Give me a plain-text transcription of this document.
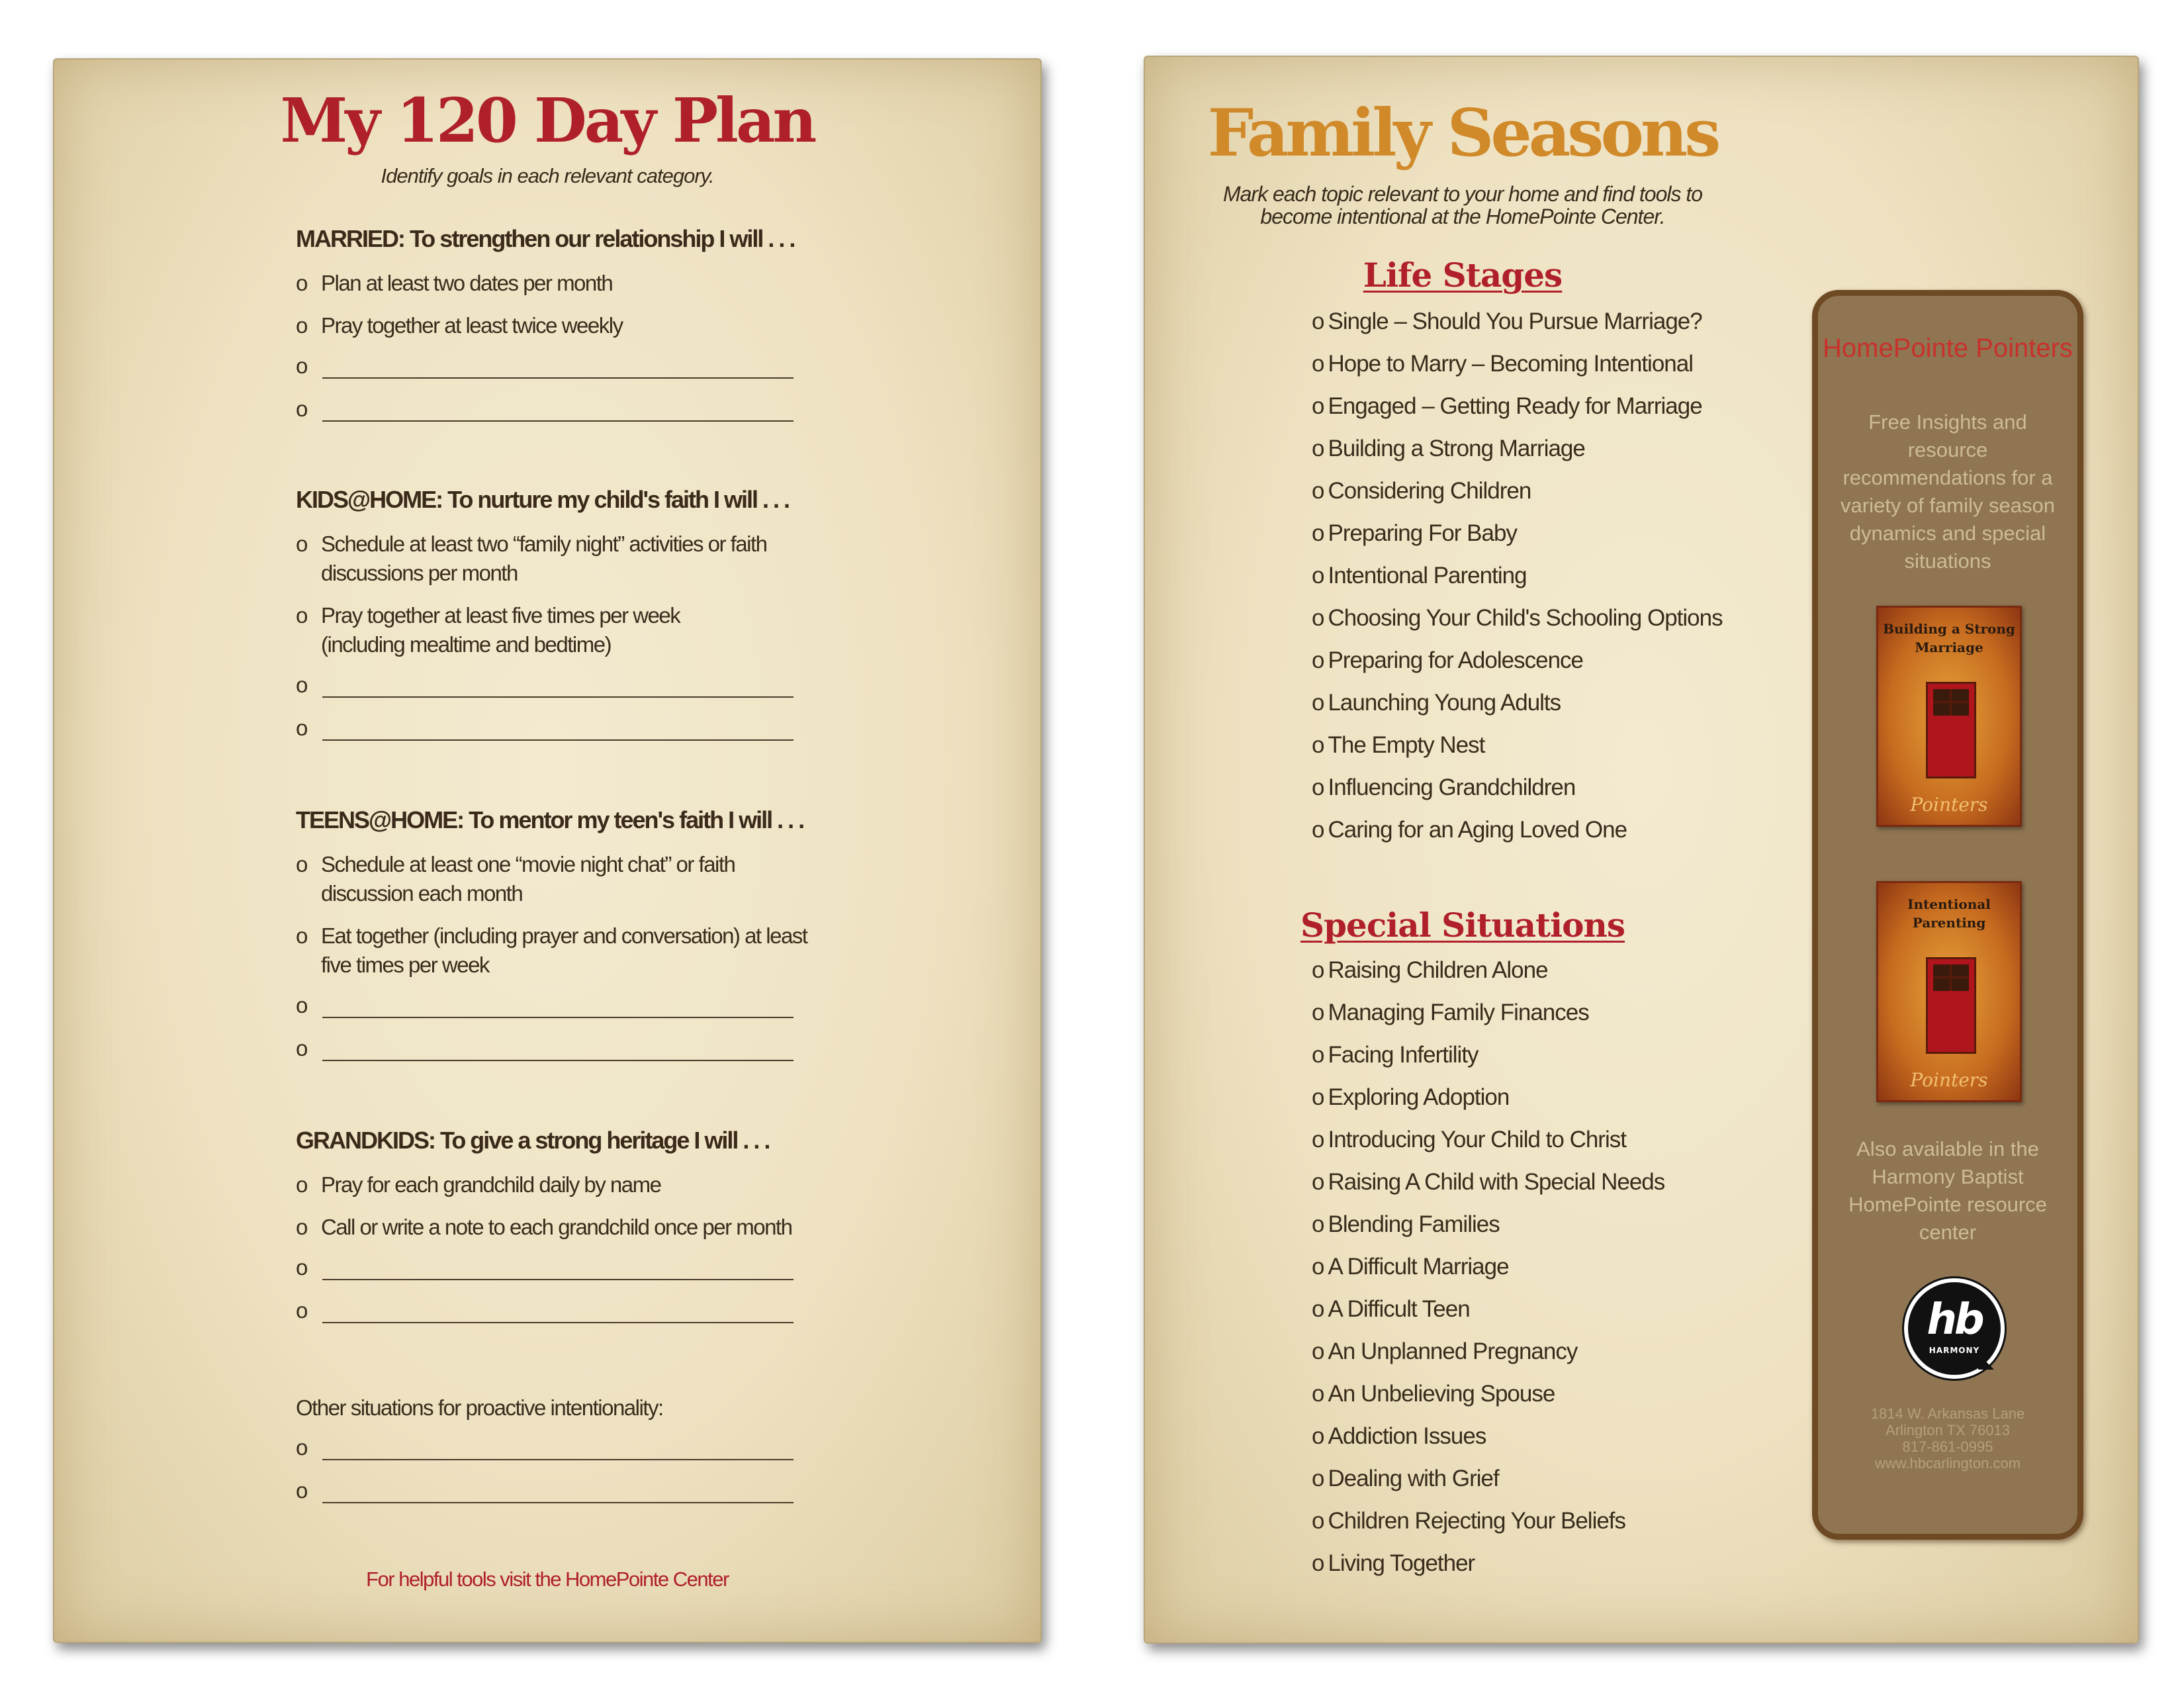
My 120 Day Plan
Identify goals in each relevant category.
MARRIED: To strengthen our relationship I will . . .
o Plan at least two dates per month
o Pray together at least twice weekly
o
o
KIDS@HOME: To nurture my child's faith I will . . .
o Schedule at least two “family night” activities or faith discussions per month
o Pray together at least five times per week (including mealtime and bedtime)
o
o
TEENS@HOME: To mentor my teen's faith I will . . .
o Schedule at least one “movie night chat” or faith discussion each month
o Eat together (including prayer and conversation) at least five times per week
o
o
GRANDKIDS: To give a strong heritage I will . . .
o Pray for each grandchild daily by name
o Call or write a note to each grandchild once per month
o
o
Other situations for proactive intentionality:
o
o
For helpful tools visit the HomePointe Center
Family Seasons
Mark each topic relevant to your home and find tools to become intentional at the HomePointe Center.
Life Stages
o Single – Should You Pursue Marriage?
o Hope to Marry – Becoming Intentional
o Engaged – Getting Ready for Marriage
o Building a Strong Marriage
o Considering Children
o Preparing For Baby
o Intentional Parenting
o Choosing Your Child's Schooling Options
o Preparing for Adolescence
o Launching Young Adults
o The Empty Nest
o Influencing Grandchildren
o Caring for an Aging Loved One
Special Situations
o Raising Children Alone
o Managing Family Finances
o Facing Infertility
o Exploring Adoption
o Introducing Your Child to Christ
o Raising A Child with Special Needs
o Blending Families
o A Difficult Marriage
o A Difficult Teen
o An Unplanned Pregnancy
o An Unbelieving Spouse
o Addiction Issues
o Dealing with Grief
o Children Rejecting Your Beliefs
o Living Together
HomePointe Pointers
Free Insights and resource recommendations for a variety of family season dynamics and special situations
Building a Strong Marriage
Pointers
Intentional Parenting
Pointers
Also available in the Harmony Baptist HomePointe resource center
hb
HARMONY
1814 W. Arkansas Lane
Arlington TX 76013
817-861-0995
www.hbcarlington.com
